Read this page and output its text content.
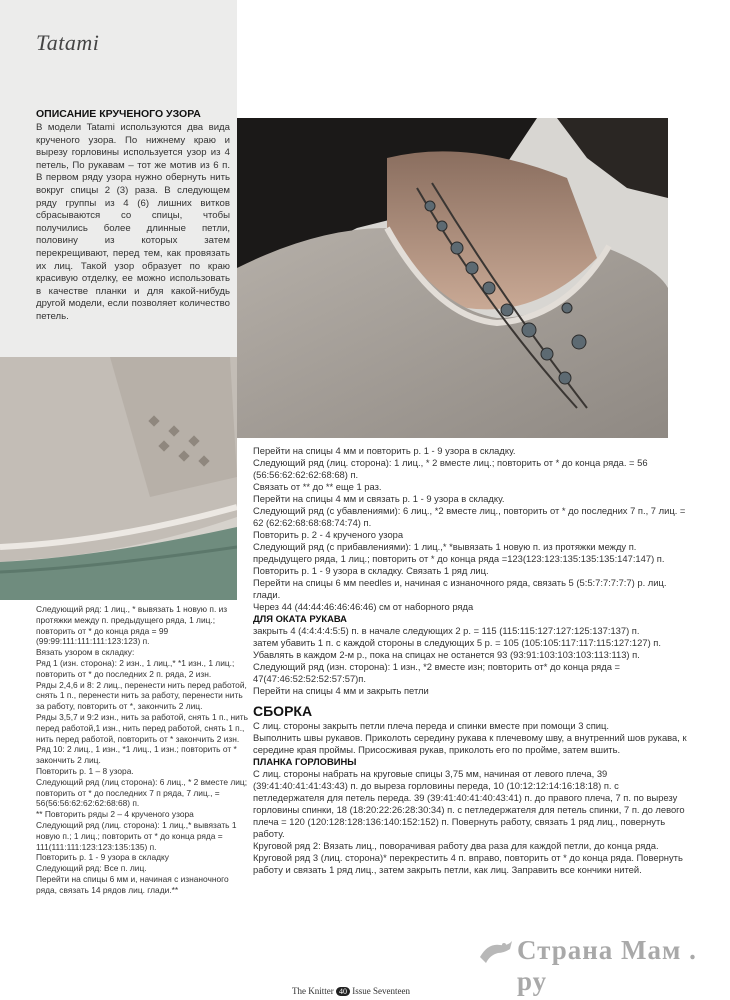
Tatami

ОПИСАНИЕ КРУЧЕНОГО УЗОРА

В модели Tatami используются два вида крученого узора. По нижнему краю и вырезу горловины используется узор из 4 петель, По рукавам – тот же мотив из 6 п. В первом ряду узора нужно обернуть нить вокруг спицы 2 (3) раза. В следующем ряду группы из 4 (6) лишних витков сбрасываются со спицы, чтобы получились более длинные петли, половину из которых затем перекрещивают, перед тем, как провязать их лиц. Такой узор образует по краю красивую отделку, ее можно использовать в качестве планки и для какой-нибудь другой модели, если позволяет количество петель.

Следующий ряд: 1 лиц., * вывязать 1 новую п. из протяжки между п. предыдущего ряда, 1 лиц.; повторить от * до конца ряда = 99 (99:99:111:111:111:123:123) п.

Вязать узором в складку:

Ряд 1 (изн. сторона): 2 изн., 1 лиц.,* *1 изн., 1 лиц.; повторить от * до последних 2 п. ряда, 2 изн.

Ряды 2,4,6 и 8: 2 лиц., перенести нить перед работой, снять 1 п., перенести нить за работу, перенести нить за работу, повторить от *, закончить 2 лиц.

Ряды 3,5,7 и 9:2 изн., нить за работой, снять 1 п., нить перед работой,1 изн., нить перед работой, снять 1 п., нить перед работой, повторить от * закончить 2 изн.

Ряд 10: 2 лиц., 1 изн., *1 лиц., 1 изн.; повторить от * закончить 2 лиц.

Повторить р. 1 – 8 узора.

Следующий ряд (лиц сторона): 6 лиц., * 2 вместе лиц; повторить от * до последних 7 п ряда, 7 лиц., = 56(56:56:62:62:62:68:68) п.

** Повторить ряды 2 – 4 крученого узора

Следующий ряд (лиц. сторона): 1 лиц.,* вывязать 1 новую п.; 1 лиц.; повторить от * до конца ряда = 111(111:111:123:123:135:135) п.

Повторить р. 1 - 9 узора в складку

Следующий ряд: Все п. лиц.

Перейти на спицы 6 мм и, начиная с изнаночного ряда, связать 14 рядов лиц. глади.**

Перейти на спицы 4 мм и повторить р. 1 - 9 узора в складку.

Следующий ряд (лиц. сторона): 1 лиц., * 2 вместе лиц.; повторить от * до конца ряда. = 56 (56:56:62:62:62:68:68) п.

Связать от ** до ** еще 1 раз.

Перейти на спицы 4 мм и связать р. 1 - 9 узора в складку.

Следующий ряд (с убавлениями): 6 лиц., *2 вместе лиц., повторить от * до последних 7 п., 7 лиц. = 62 (62:62:68:68:68:74:74) п.

Повторить р. 2 - 4 крученого узора

Следующий ряд (с прибавлениями): 1 лиц.,* *вывязать 1 новую п. из протяжки между п. предыдущего ряда, 1 лиц.; повторить от * до конца ряда =123(123:123:135:135:135:147:147) п.

Повторить р. 1 - 9 узора в складку. Связать 1 ряд лиц.

Перейти на спицы 6 мм needles и, начиная с изнаночного ряда, связать 5 (5:5:7:7:7:7:7) р. лиц. глади.

Через 44 (44:44:46:46:46:46) см от наборного ряда

ДЛЯ ОКАТА РУКАВА

закрыть 4 (4:4:4:4:5:5) п. в начале следующих 2 р. = 115 (115:115:127:127:125:137:137) п.

затем убавить 1 п. с каждой стороны в следующих 5 р. = 105 (105:105:117:117:115:127:127) п.

Убавлять в каждом 2-м р., пока на спицах не останется 93 (93:91:103:103:103:113:113) п.

Следующий ряд (изн. сторона): 1 изн., *2 вместе изн; повторить от* до конца ряда = 47(47:46:52:52:52:57:57)п.

Перейти на спицы 4 мм и закрыть петли

СБОРКА

С лиц. стороны закрыть петли плеча переда и спинки вместе при помощи 3 спиц.

Выполнить швы рукавов. Приколоть середину рукава к плечевому шву, а внутренний шов рукава, к середине края проймы. Присосживая рукав, приколоть его по пройме, затем вшить.

ПЛАНКА ГОРЛОВИНЫ

С лиц. стороны набрать на круговые спицы 3,75 мм, начиная от левого плеча, 39 (39:41:40:41:41:43:43) п. до выреза горловины переда, 10 (10:12:12:14:16:18:18) п. с петледержателя для петель переда. 39 (39:41:40:41:40:43:41) п. до правого плеча, 7 п. по вырезу горловины спинки, 18 (18:20:22:26:28:30:34) п. с петледержателя для петель спинки, 7 п. до левого плеча = 120 (120:128:128:136:140:152:152) п. Повернуть работу, связать 1 ряд лиц., повернуть работу.

Круговой ряд 2: Вязать лиц., поворачивая работу два раза для каждой петли, до конца ряда.

Круговой ряд 3 (лиц. сторона)* перекрестить 4 п. вправо, повторить от * до конца ряда. Повернуть работу и связать 1 ряд лиц., затем закрыть петли, как лиц. Заправить все кончики нитей.

Страна Мам . ру
The Knitter 40 Issue Seventeen
